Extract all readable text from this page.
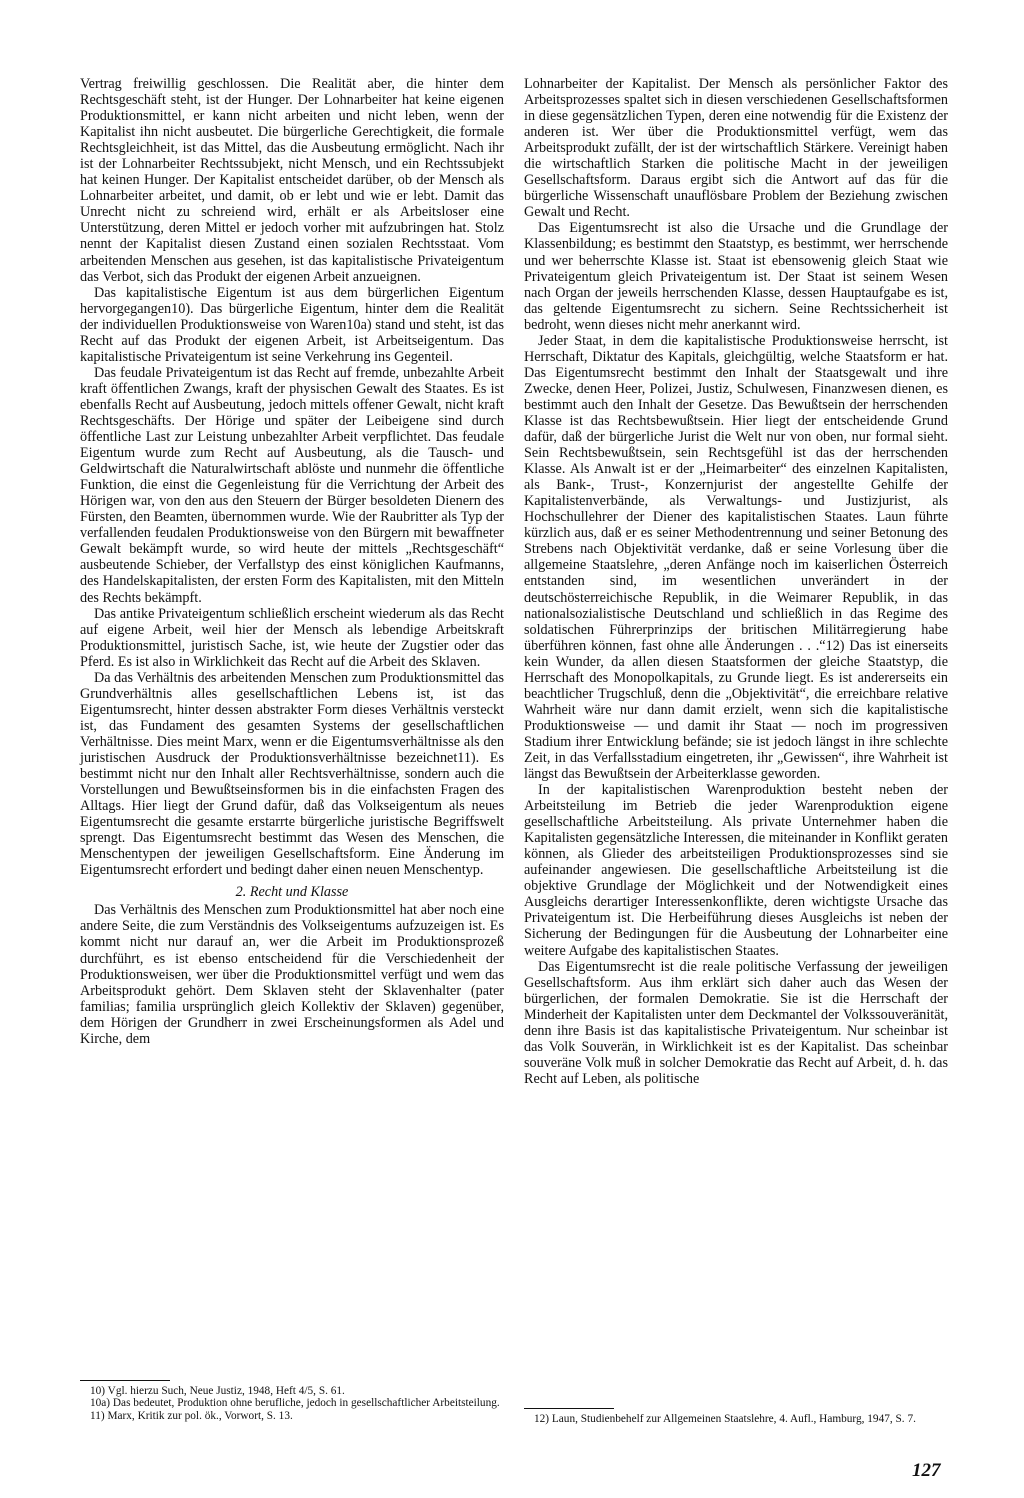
Vertrag freiwillig geschlossen. Die Realität aber, die hinter dem Rechtsgeschäft steht, ist der Hunger. Der Lohnarbeiter hat keine eigenen Produktionsmittel, er kann nicht arbeiten und nicht leben, wenn der Kapitalist ihn nicht ausbeutet. Die bürgerliche Gerechtigkeit, die formale Rechtsgleichheit, ist das Mittel, das die Ausbeutung ermöglicht. Nach ihr ist der Lohnarbeiter Rechtssubjekt, nicht Mensch, und ein Rechtssubjekt hat keinen Hunger. Der Kapitalist entscheidet darüber, ob der Mensch als Lohnarbeiter arbeitet, und damit, ob er lebt und wie er lebt. Damit das Unrecht nicht zu schreiend wird, erhält er als Arbeitsloser eine Unterstützung, deren Mittel er jedoch vorher mit aufzubringen hat. Stolz nennt der Kapitalist diesen Zustand einen sozialen Rechtsstaat. Vom arbeitenden Menschen aus gesehen, ist das kapitalistische Privateigentum das Verbot, sich das Produkt der eigenen Arbeit anzueignen.

Das kapitalistische Eigentum ist aus dem bürgerlichen Eigentum hervorgegangen10). Das bürgerliche Eigentum, hinter dem die Realität der individuellen Produktionsweise von Waren10a) stand und steht, ist das Recht auf das Produkt der eigenen Arbeit, ist Arbeitseigentum. Das kapitalistische Privateigentum ist seine Verkehrung ins Gegenteil.

Das feudale Privateigentum ist das Recht auf fremde, unbezahlte Arbeit kraft öffentlichen Zwangs, kraft der physischen Gewalt des Staates. Es ist ebenfalls Recht auf Ausbeutung, jedoch mittels offener Gewalt, nicht kraft Rechtsgeschäfts. Der Hörige und später der Leibeigene sind durch öffentliche Last zur Leistung unbezahlter Arbeit verpflichtet. Das feudale Eigentum wurde zum Recht auf Ausbeutung, als die Tausch- und Geldwirtschaft die Naturalwirtschaft ablöste und nunmehr die öffentliche Funktion, die einst die Gegenleistung für die Verrichtung der Arbeit des Hörigen war, von den aus den Steuern der Bürger besoldeten Dienern des Fürsten, den Beamten, übernommen wurde. Wie der Raubritter als Typ der verfallenden feudalen Produktionsweise von den Bürgern mit bewaffneter Gewalt bekämpft wurde, so wird heute der mittels „Rechtsgeschäft“ ausbeutende Schieber, der Verfallstyp des einst königlichen Kaufmanns, des Handelskapitalisten, der ersten Form des Kapitalisten, mit den Mitteln des Rechts bekämpft.

Das antike Privateigentum schließlich erscheint wiederum als das Recht auf eigene Arbeit, weil hier der Mensch als lebendige Arbeitskraft Produktionsmittel, juristisch Sache, ist, wie heute der Zugstier oder das Pferd. Es ist also in Wirklichkeit das Recht auf die Arbeit des Sklaven.

Da das Verhältnis des arbeitenden Menschen zum Produktionsmittel das Grundverhältnis alles gesellschaftlichen Lebens ist, ist das Eigentumsrecht, hinter dessen abstrakter Form dieses Verhältnis versteckt ist, das Fundament des gesamten Systems der gesellschaftlichen Verhältnisse. Dies meint Marx, wenn er die Eigentumsverhältnisse als den juristischen Ausdruck der Produktionsverhältnisse bezeichnet11). Es bestimmt nicht nur den Inhalt aller Rechtsverhältnisse, sondern auch die Vorstellungen und Bewußtseinsformen bis in die einfachsten Fragen des Alltags. Hier liegt der Grund dafür, daß das Volkseigentum als neues Eigentumsrecht die gesamte erstarrte bürgerliche juristische Begriffswelt sprengt. Das Eigentumsrecht bestimmt das Wesen des Menschen, die Menschentypen der jeweiligen Gesellschaftsform. Eine Änderung im Eigentumsrecht erfordert und bedingt daher einen neuen Menschentyp.

2. Recht und Klasse

Das Verhältnis des Menschen zum Produktionsmittel hat aber noch eine andere Seite, die zum Verständnis des Volkseigentums aufzuzeigen ist. Es kommt nicht nur darauf an, wer die Arbeit im Produktionsprozeß durchführt, es ist ebenso entscheidend für die Verschiedenheit der Produktionsweisen, wer über die Produktionsmittel verfügt und wem das Arbeitsprodukt gehört. Dem Sklaven steht der Sklavenhalter (pater familias; familia ursprünglich gleich Kollektiv der Sklaven) gegenüber, dem Hörigen der Grundherr in zwei Erscheinungsformen als Adel und Kirche, dem

Lohnarbeiter der Kapitalist. Der Mensch als persönlicher Faktor des Arbeitsprozesses spaltet sich in diesen verschiedenen Gesellschaftsformen in diese gegensätzlichen Typen, deren eine notwendig für die Existenz der anderen ist. Wer über die Produktionsmittel verfügt, wem das Arbeitsprodukt zufällt, der ist der wirtschaftlich Stärkere. Vereinigt haben die wirtschaftlich Starken die politische Macht in der jeweiligen Gesellschaftsform. Daraus ergibt sich die Antwort auf das für die bürgerliche Wissenschaft unauflösbare Problem der Beziehung zwischen Gewalt und Recht.

Das Eigentumsrecht ist also die Ursache und die Grundlage der Klassenbildung; es bestimmt den Staatstyp, es bestimmt, wer herrschende und wer beherrschte Klasse ist. Staat ist ebensowenig gleich Staat wie Privateigentum gleich Privateigentum ist. Der Staat ist seinem Wesen nach Organ der jeweils herrschenden Klasse, dessen Hauptaufgabe es ist, das geltende Eigentumsrecht zu sichern. Seine Rechtssicherheit ist bedroht, wenn dieses nicht mehr anerkannt wird.

Jeder Staat, in dem die kapitalistische Produktionsweise herrscht, ist Herrschaft, Diktatur des Kapitals, gleichgültig, welche Staatsform er hat. Das Eigentumsrecht bestimmt den Inhalt der Staatsgewalt und ihre Zwecke, denen Heer, Polizei, Justiz, Schulwesen, Finanzwesen dienen, es bestimmt auch den Inhalt der Gesetze. Das Bewußtsein der herrschenden Klasse ist das Rechtsbewußtsein. Hier liegt der entscheidende Grund dafür, daß der bürgerliche Jurist die Welt nur von oben, nur formal sieht. Sein Rechtsbewußtsein, sein Rechtsgefühl ist das der herrschenden Klasse. Als Anwalt ist er der „Heimarbeiter“ des einzelnen Kapitalisten, als Bank-, Trust-, Konzernjurist der angestellte Gehilfe der Kapitalistenverbände, als Verwaltungs- und Justizjurist, als Hochschullehrer der Diener des kapitalistischen Staates. Laun führte kürzlich aus, daß er es seiner Methodentrennung und seiner Betonung des Strebens nach Objektivität verdanke, daß er seine Vorlesung über die allgemeine Staatslehre, „deren Anfänge noch im kaiserlichen Österreich entstanden sind, im wesentlichen unverändert in der deutschösterreichische Republik, in die Weimarer Republik, in das nationalsozialistische Deutschland und schließlich in das Regime des soldatischen Führerprinzips der britischen Militärregierung habe überführen können, fast ohne alle Änderungen . . .“12) Das ist einerseits kein Wunder, da allen diesen Staatsformen der gleiche Staatstyp, die Herrschaft des Monopolkapitals, zu Grunde liegt. Es ist andererseits ein beachtlicher Trugschluß, denn die „Objektivität“, die erreichbare relative Wahrheit wäre nur dann damit erzielt, wenn sich die kapitalistische Produktionsweise — und damit ihr Staat — noch im progressiven Stadium ihrer Entwicklung befände; sie ist jedoch längst in ihre schlechte Zeit, in das Verfallsstadium eingetreten, ihr „Gewissen“, ihre Wahrheit ist längst das Bewußtsein der Arbeiterklasse geworden.

In der kapitalistischen Warenproduktion besteht neben der Arbeitsteilung im Betrieb die jeder Warenproduktion eigene gesellschaftliche Arbeitsteilung. Als private Unternehmer haben die Kapitalisten gegensätzliche Interessen, die miteinander in Konflikt geraten können, als Glieder des arbeitsteiligen Produktionsprozesses sind sie aufeinander angewiesen. Die gesellschaftliche Arbeitsteilung ist die objektive Grundlage der Möglichkeit und der Notwendigkeit eines Ausgleichs derartiger Interessenkonflikte, deren wichtigste Ursache das Privateigentum ist. Die Herbeiführung dieses Ausgleichs ist neben der Sicherung der Bedingungen für die Ausbeutung der Lohnarbeiter eine weitere Aufgabe des kapitalistischen Staates.

Das Eigentumsrecht ist die reale politische Verfassung der jeweiligen Gesellschaftsform. Aus ihm erklärt sich daher auch das Wesen der bürgerlichen, der formalen Demokratie. Sie ist die Herrschaft der Minderheit der Kapitalisten unter dem Deckmantel der Volkssouveränität, denn ihre Basis ist das kapitalistische Privateigentum. Nur scheinbar ist das Volk Souverän, in Wirklichkeit ist es der Kapitalist. Das scheinbar souveräne Volk muß in solcher Demokratie das Recht auf Arbeit, d. h. das Recht auf Leben, als politische

10) Vgl. hierzu Such, Neue Justiz, 1948, Heft 4/5, S. 61.

10a) Das bedeutet, Produktion ohne berufliche, jedoch in gesellschaftlicher Arbeitsteilung.

11) Marx, Kritik zur pol. ök., Vorwort, S. 13.	12) Laun, Studienbehelf zur Allgemeinen Staatslehre, 4. Aufl., Hamburg, 1947, S. 7.

127
